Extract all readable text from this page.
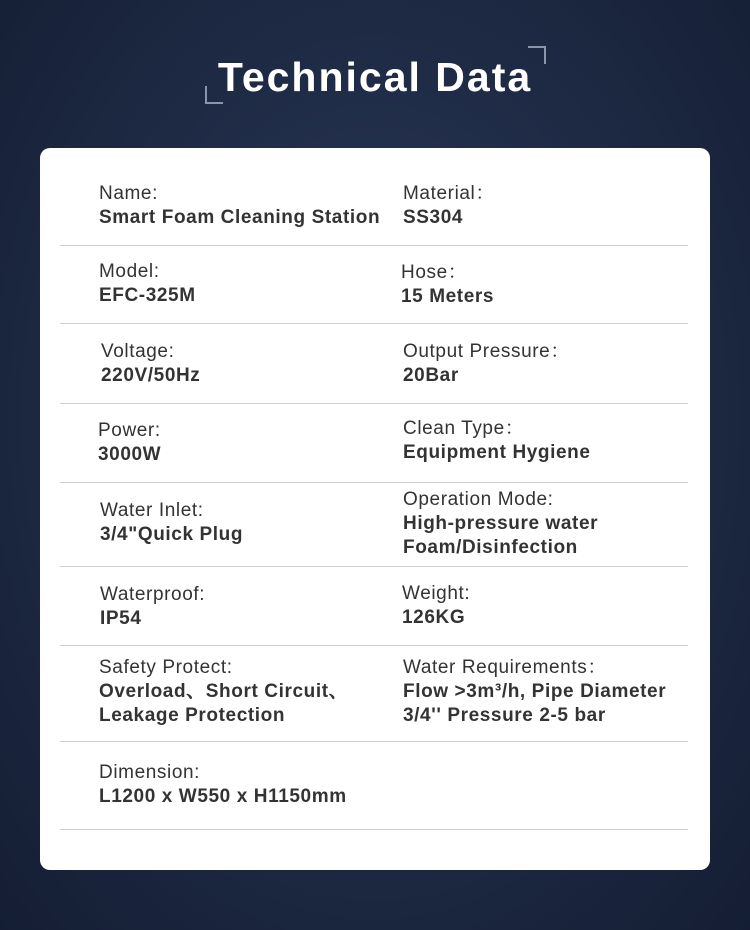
Technical Data
Name:
Smart Foam Cleaning Station
Material：
SS304
Model:
EFC-325M
Hose：
15 Meters
Voltage:
220V/50Hz
Output Pressure：
20Bar
Power:
3000W
Clean Type：
Equipment Hygiene
Water Inlet:
3/4"Quick Plug
Operation Mode:
High-pressure water
Foam/Disinfection
Waterproof:
IP54
Weight:
126KG
Safety Protect:
Overload、Short Circuit、
Leakage Protection
Water Requirements：
Flow >3m³/h, Pipe Diameter
3/4'' Pressure 2-5 bar
Dimension:
L1200 x W550 x H1150mm
